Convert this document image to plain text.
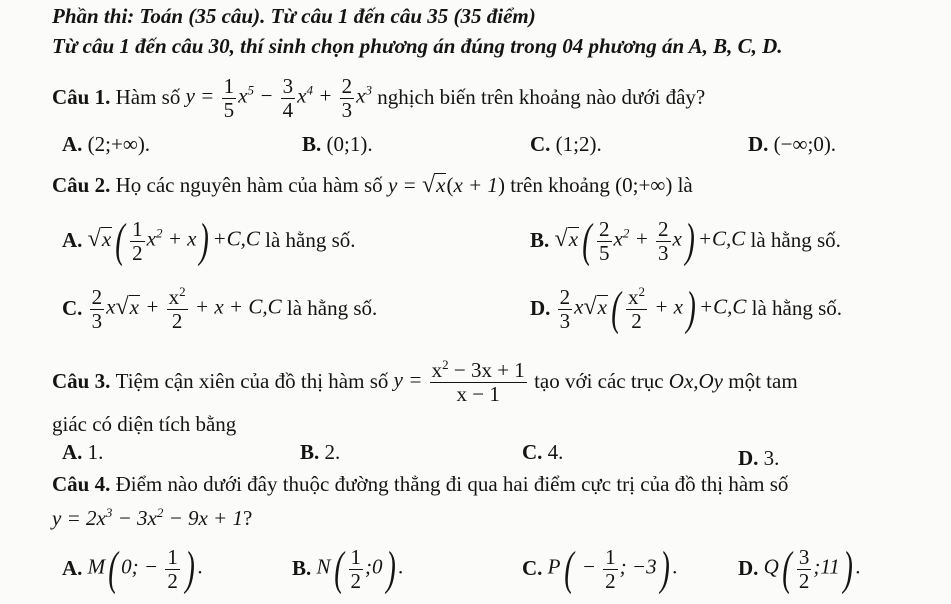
Phần thi: Toán (35 câu). Từ câu 1 đến câu 35 (35 điểm)
Từ câu 1 đến câu 30, thí sinh chọn phương án đúng trong 04 phương án A, B, C, D.
Câu 1.
Hàm số
$y = \frac{1}{5} x^5 - \frac{3}{4} x^4 + \frac{2}{3} x^3$
nghịch biến trên khoảng nào dưới đây?
A. (2;+∞).	B. (0;1).	C. (1;2).	D. (−∞;0).
Câu 2.
Họ các nguyên hàm của hàm số
y = √ x (x + 1)
trên khoảng
(0;+∞)
là
A.
√ x ( $\frac{1}{2} x^2 + x) +C,C$
là hằng số.	B.
√ x ( $\frac{2}{5} x^2 + \frac{2}{3} x) +C,C$
là hằng số.
C.
$\frac{2}{3}$ x √ $x + \frac{x^2}{2} + x + C,C$
là hằng số.	D.
$\frac{2}{3}$ x √ x ( $\frac{x^2}{2} + x) +C,C$
là hằng số.
Câu 3.
Tiệm cận xiên của đồ thị hàm số
$y = \frac{x^2 - 3x + 1}{x - 1}$
tạo với các trục
Ox,Oy
một tam
giác có diện tích bằng
A. 1.	B. 2.	C. 4.	D. 3.
Câu 4. Điểm nào dưới đây thuộc đường thẳng đi qua hai điểm cực trị của đồ thị hàm số
$y = 2x^3 - 3x^2 - 9x + 1$?
A.
M( 0; − $\frac{1}{2}$ ) .	B.
$N( \frac{1}{2}$ ;0) .	C.
$P( - \frac{1}{2}$ ; −3) .	D.
$Q( \frac{3}{2}$ ;11) .
